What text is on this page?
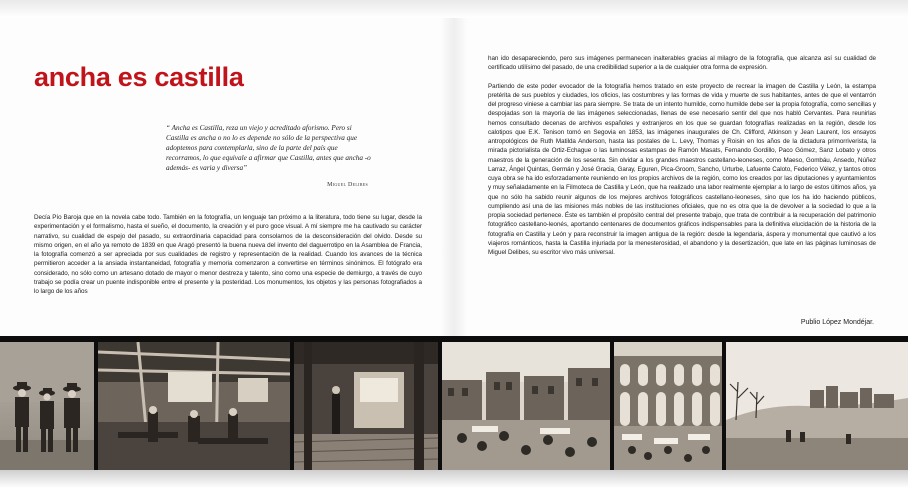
ancha es castilla

“ Ancha es Castilla, reza un viejo y acreditado aforismo. Pero si Castilla es ancha o no lo es depende no sólo de la perspectiva que adoptemos para contemplarla, sino de la parte del país que recorramos, lo que equivale a afirmar que Castilla, antes que ancha -o además- es varia y diversa”

Miguel Delibes

Decía Pío Baroja que en la novela cabe todo. También en la fotografía, un lenguaje tan próximo a la literatura, todo tiene su lugar, desde la experimentación y el formalismo, hasta el sueño, el documento, la creación y el puro goce visual. A mí siempre me ha cautivado su carácter narrativo, su cualidad de espejo del pasado, su extraordinaria capacidad para consolarnos de la desconsideración del olvido. Desde su mismo origen, en el año ya remoto de 1839 en que Aragó presentó la buena nueva del invento del daguerrotipo en la Asamblea de Francia, la fotografía comenzó a ser apreciada por sus cualidades de registro y representación de la realidad. Cuando los avances de la técnica permitieron acceder a la ansiada instantaneidad, fotografía y memoria comenzaron a convertirse en términos sinónimos. El fotógrafo era considerado, no sólo como un artesano dotado de mayor o menor destreza y talento, sino como una especie de demiurgo, a través de cuyo trabajo se podía crear un puente indisponible entre el presente y la posteridad. Los monumentos, los objetos y las personas fotografiados a lo largo de los años

han ido desapareciendo, pero sus imágenes permanecen inalterables gracias al milagro de la fotografía, que alcanza así su cualidad de certificado utilísimo del pasado, de una credibilidad superior a la de cualquier otra forma de expresión.

Partiendo de este poder evocador de la fotografía hemos tratado en este proyecto de recrear la imagen de Castilla y León, la estampa pretérita de sus pueblos y ciudades, los oficios, las costumbres y las formas de vida y muerte de sus habitantes, antes de que el ventarrón del progreso viniese a cambiar las para siempre. Se trata de un intento humilde, como humilde debe ser la propia fotografía, como sencillas y despojadas son la mayoría de las imágenes seleccionadas, llenas de ese necesario sentir del que nos habló Cervantes. Para reunirlas hemos consultado decenas de archivos españoles y extranjeros en los que se guardan fotografías realizadas en la región, desde los calotipos que E.K. Tenison tomó en Segovia en 1853, las imágenes inaugurales de Ch. Clifford, Atkinson y Jean Laurent, los ensayos antropológicos de Ruth Matilda Anderson, hasta las postales de L. Levy, Thomas y Roisin en los años de la dictadura primorriverista, la mirada pictorialista de Ortiz-Echague o las luminosas estampas de Ramón Masats, Fernando Gordillo, Paco Gómez, Sanz Lobato y otros maestros de la generación de los sesenta. Sin olvidar a los grandes maestros castellano-leoneses, como Maeso, Gombáu, Ansedo, Núñez Larraz, Ángel Quintas, Germán y José Gracia, Garay, Eguren, Pica-Groom, Sancho, Urturbe, Lafuente Caloto, Federico Vélez, y tantos otros cuya obra se ha ido esforzadamente reuniendo en los propios archivos de la región, como los creados por las diputaciones y ayuntamientos y muy señaladamente en la Filmoteca de Castilla y León, que ha realizado una labor realmente ejemplar a lo largo de estos últimos años, ya que no sólo ha sabido reunir algunos de los mejores archivos fotográficos castellano-leoneses, sino que los ha ido haciendo públicos, cumpliendo así una de las misiones más nobles de las instituciones oficiales, que no es otra que la de devolver a la sociedad lo que a la propia sociedad pertenece. Éste es también el propósito central del presente trabajo, que trata de contribuir a la recuperación del patrimonio fotográfico castellano-leonés, aportando centenares de documentos gráficos indispensables para la definitiva elucidación de la historia de la fotografía en Castilla y León y para reconstruir la imagen antigua de la región: desde la legendaria, áspera y monumental que cautivó a los viajeros románticos, hasta la Castilla injuriada por la menesterosidad, el abandono y la desertización, que late en las páginas luminosas de Miguel Delibes, su escritor vivo más universal.

Publio López Mondéjar.
